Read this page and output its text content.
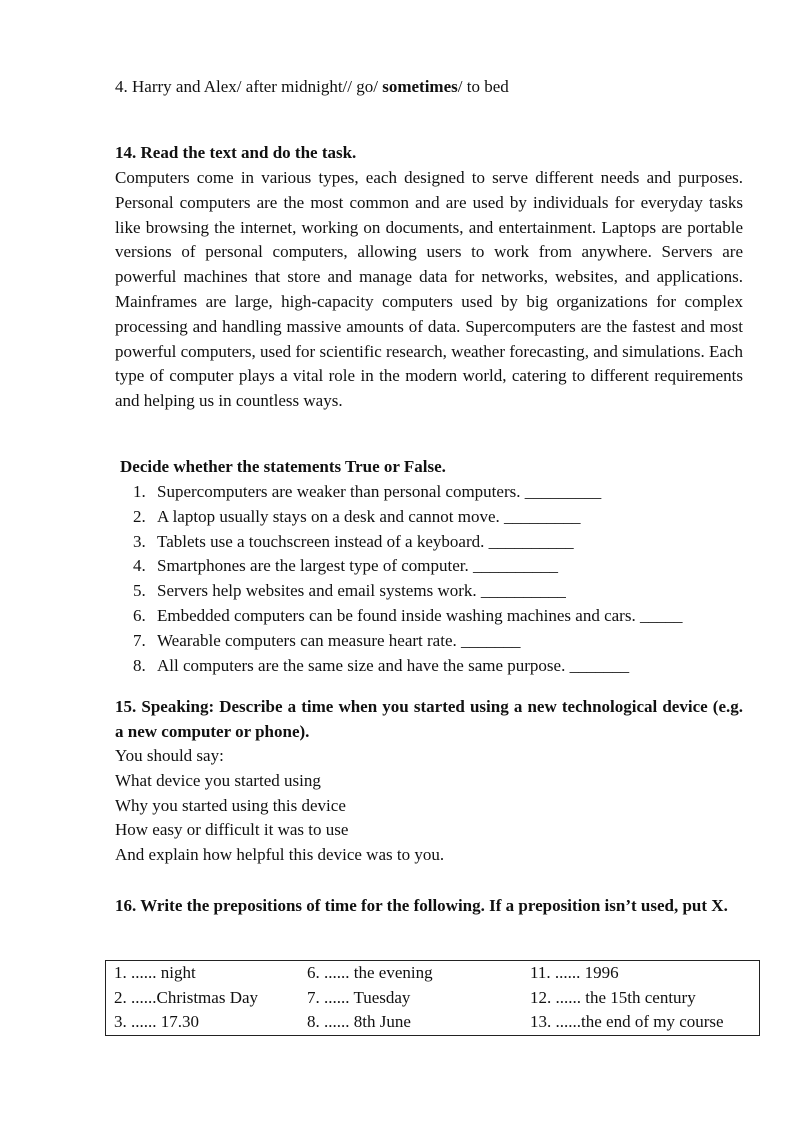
4. Harry and Alex/ after midnight// go/ sometimes/ to bed
14. Read the text and do the task.
Computers come in various types, each designed to serve different needs and purposes. Personal computers are the most common and are used by individuals for everyday tasks like browsing the internet, working on documents, and entertainment. Laptops are portable versions of personal computers, allowing users to work from anywhere. Servers are powerful machines that store and manage data for networks, websites, and applications. Mainframes are large, high-capacity computers used by big organizations for complex processing and handling massive amounts of data. Supercomputers are the fastest and most powerful computers, used for scientific research, weather forecasting, and simulations. Each type of computer plays a vital role in the modern world, catering to different requirements and helping us in countless ways.
Decide whether the statements True or False.
1. Supercomputers are weaker than personal computers. _________
2. A laptop usually stays on a desk and cannot move. _________
3. Tablets use a touchscreen instead of a keyboard. __________
4. Smartphones are the largest type of computer. __________
5. Servers help websites and email systems work. __________
6. Embedded computers can be found inside washing machines and cars. _____
7. Wearable computers can measure heart rate. _______
8. All computers are the same size and have the same purpose. _______
15. Speaking: Describe a time when you started using a new technological device (e.g. a new computer or phone).
You should say:
What device you started using
Why you started using this device
How easy or difficult it was to use
And explain how helpful this device was to you.
16. Write the prepositions of time for the following. If a preposition isn’t used, put X.
1. ...... night	6. ...... the evening	11. ...... 1996
2. ......Christmas Day	7. ...... Tuesday	12. ...... the 15th century
3. ...... 17.30	8. ...... 8th June	13. ......the end of my course
